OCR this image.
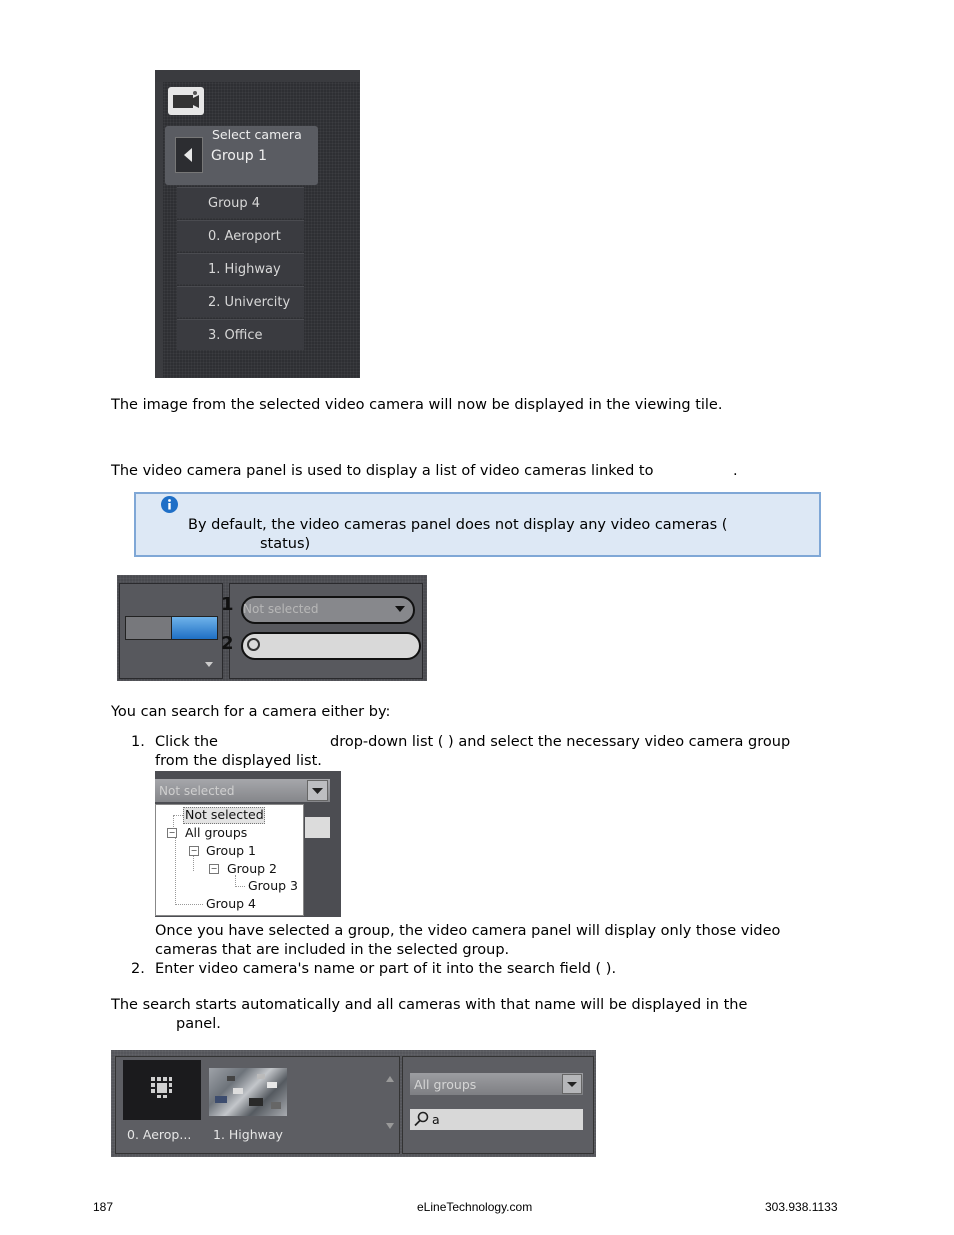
Select camera
Group 1
Group 4
0. Aeroport
1. Highway
2. Univercity
3. Office
The image from the selected video camera will now be displayed in the viewing tile.
The video camera panel is used to display a list of video cameras linked to	.
By default, the video cameras panel does not display any video cameras (
status)
Not selected
1
2
You can search for a camera either by:
1. Click the	drop-down list ( ) and select the necessary video camera group
from the displayed list.
Not selected
−
−
−
Not selected
All groups
Group 1
Group 2
Group 3
Group 4
Once you have selected a group, the video camera panel will display only those video
cameras that are included in the selected group.
2. Enter video camera's name or part of it into the search field ( ).
The search starts automatically and all cameras with that name will be displayed in the
panel.
0. Aerop... 1. Highway
All groups
a
187	eLineTechnology.com	303.938.1133
